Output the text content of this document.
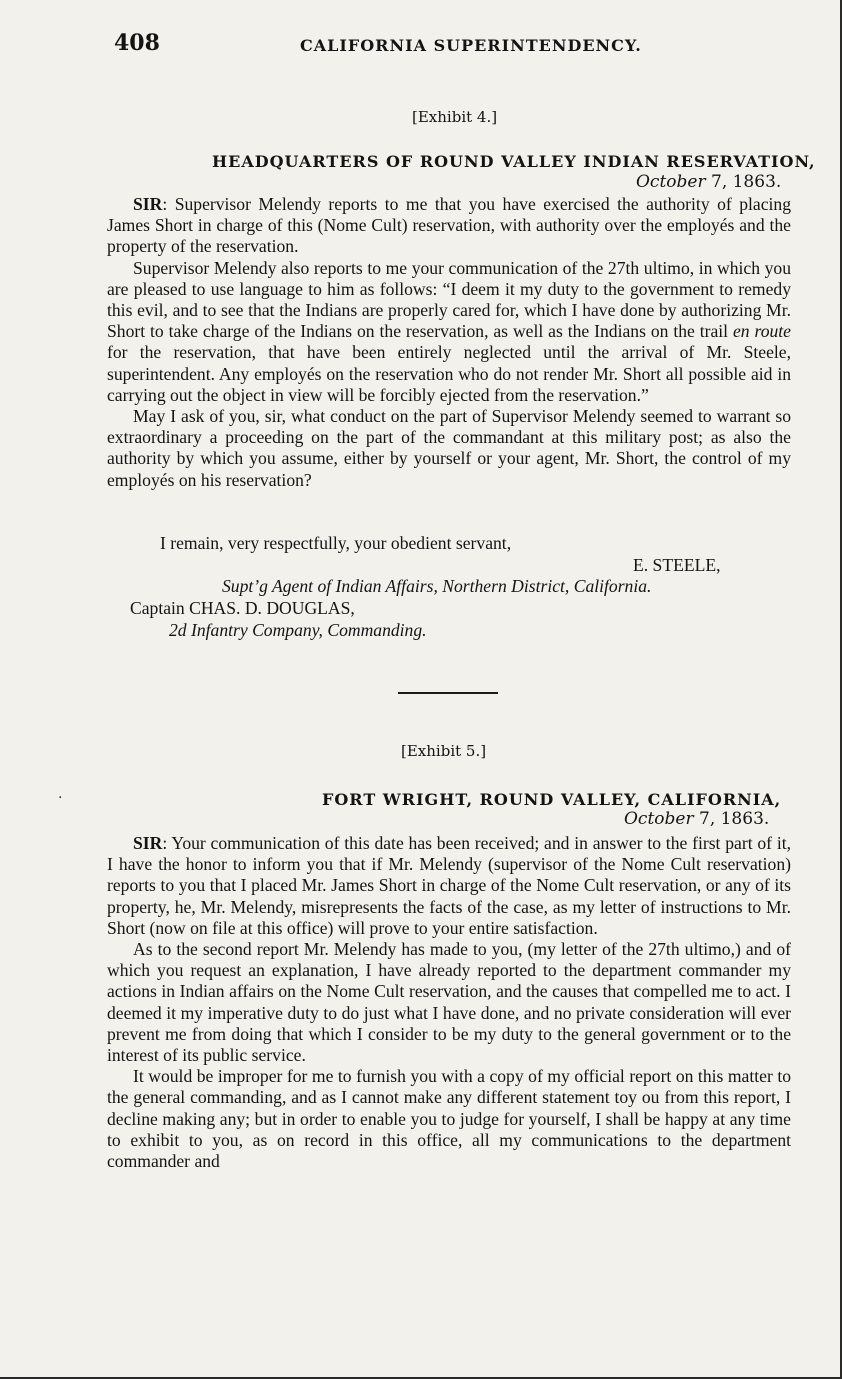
408	CALIFORNIA SUPERINTENDENCY.
[Exhibit 4.]
HEADQUARTERS OF ROUND VALLEY INDIAN RESERVATION,
October 7, 1863.

SIR: Supervisor Melendy reports to me that you have exercised the authority of placing James Short in charge of this (Nome Cult) reservation, with authority over the employés and the property of the reservation.

Supervisor Melendy also reports to me your communication of the 27th ultimo, in which you are pleased to use language to him as follows: “I deem it my duty to the government to remedy this evil, and to see that the Indians are properly cared for, which I have done by authorizing Mr. Short to take charge of the Indians on the reservation, as well as the Indians on the trail en route for the reservation, that have been entirely neglected until the arrival of Mr. Steele, superintendent. Any employés on the reservation who do not render Mr. Short all possible aid in carrying out the object in view will be forcibly ejected from the reservation.”

May I ask of you, sir, what conduct on the part of Supervisor Melendy seemed to warrant so extraordinary a proceeding on the part of the commandant at this military post; as also the authority by which you assume, either by yourself or your agent, Mr. Short, the control of my employés on his reservation?

I remain, very respectfully, your obedient servant,
E. STEELE,
Supt’g Agent of Indian Affairs, Northern District, California.
Captain CHAS. D. DOUGLAS,
2d Infantry Company, Commanding.
[Exhibit 5.]
·	FORT WRIGHT, ROUND VALLEY, CALIFORNIA,
October 7, 1863.

SIR: Your communication of this date has been received; and in answer to the first part of it, I have the honor to inform you that if Mr. Melendy (supervisor of the Nome Cult reservation) reports to you that I placed Mr. James Short in charge of the Nome Cult reservation, or any of its property, he, Mr. Melendy, misrepresents the facts of the case, as my letter of instructions to Mr. Short (now on file at this office) will prove to your entire satisfaction.

As to the second report Mr. Melendy has made to you, (my letter of the 27th ultimo,) and of which you request an explanation, I have already reported to the department commander my actions in Indian affairs on the Nome Cult reservation, and the causes that compelled me to act. I deemed it my imperative duty to do just what I have done, and no private consideration will ever prevent me from doing that which I consider to be my duty to the general government or to the interest of its public service.

It would be improper for me to furnish you with a copy of my official report on this matter to the general commanding, and as I cannot make any different statement toy ou from this report, I decline making any; but in order to enable you to judge for yourself, I shall be happy at any time to exhibit to you, as on record in this office, all my communications to the department commander and
